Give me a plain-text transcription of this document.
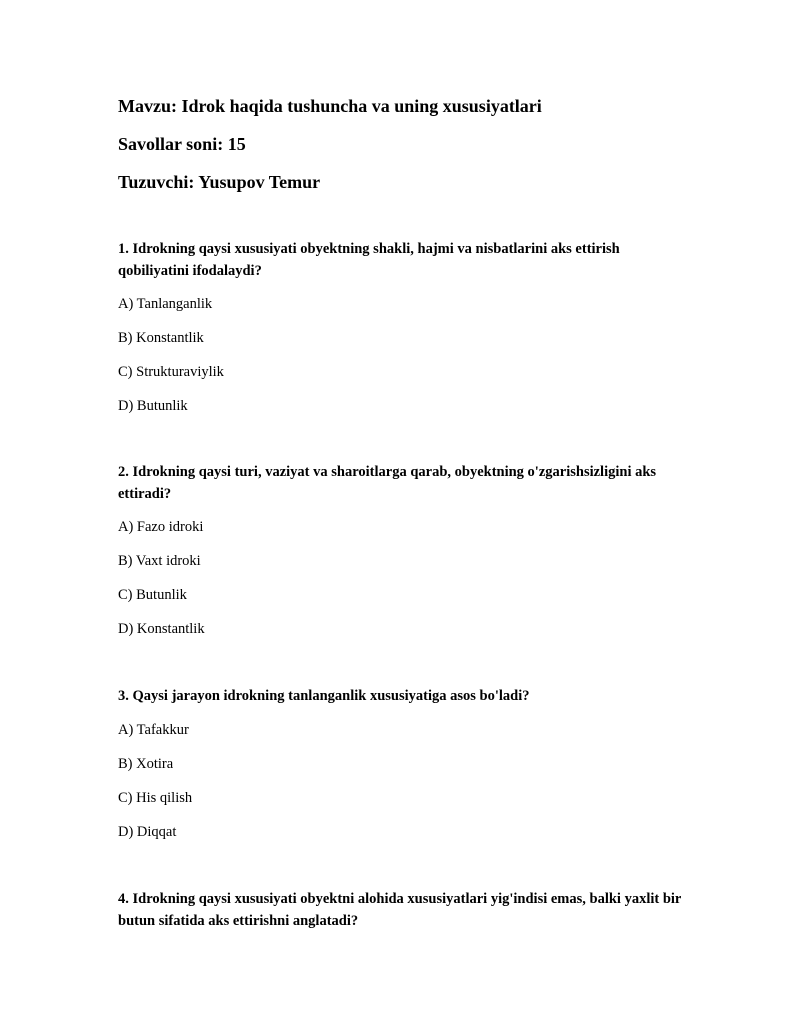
Mavzu: Idrok haqida tushuncha va uning xususiyatlari
Savollar soni: 15
Tuzuvchi: Yusupov Temur

1. Idrokning qaysi xususiyati obyektning shakli, hajmi va nisbatlarini aks ettirish qobiliyatini ifodalaydi?

A) Tanlanganlik
B) Konstantlik
C) Strukturaviylik
D) Butunlik

2. Idrokning qaysi turi, vaziyat va sharoitlarga qarab, obyektning o'zgarishsizligini aks ettiradi?

A) Fazo idroki
B) Vaxt idroki
C) Butunlik
D) Konstantlik

3. Qaysi jarayon idrokning tanlanganlik xususiyatiga asos bo'ladi?

A) Tafakkur
B) Xotira
C) His qilish
D) Diqqat

4. Idrokning qaysi xususiyati obyektni alohida xususiyatlari yig'indisi emas, balki yaxlit bir butun sifatida aks ettirishni anglatadi?
